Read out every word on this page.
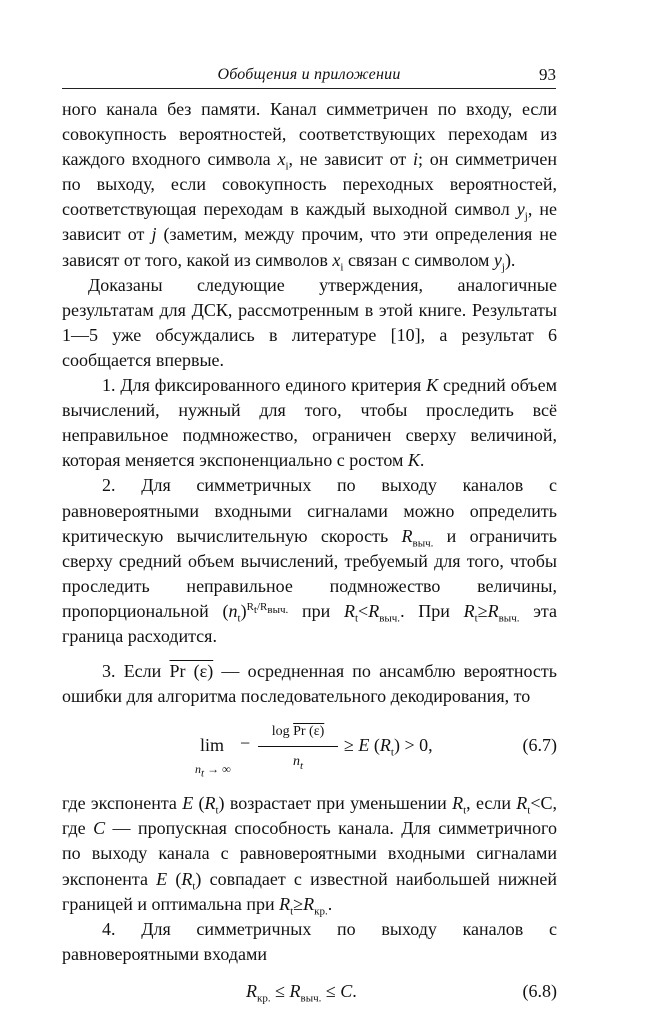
Обобщения и приложении	93

ного канала без памяти. Канал симметричен по входу, если совокупность вероятностей, соответствующих переходам из каждого входного символа $x_i$, не зависит от i; он симметричен по выходу, если совокупность переходных вероятностей, соответствующая переходам в каждый выходной символ $y_j$, не зависит от j (заметим, между прочим, что эти определения не зависят от того, какой из символов $x_i$ связан с символом $y_j$).

Доказаны следующие утверждения, аналогичные результатам для ДСК, рассмотренным в этой книге. Результаты 1—5 уже обсуждались в литературе [10], а результат 6 сообщается впервые.

1. Для фиксированного единого критерия K средний объем вычислений, нужный для того, чтобы проследить всё неправильное подмножество, ограничен сверху величиной, которая меняется экспоненциально с ростом K.

2. Для симметричных по выходу каналов с равновероятными входными сигналами можно определить критическую вычислительную скорость $R_{выч.}$ и ограничить сверху средний объем вычислений, требуемый для того, чтобы проследить неправильное подмножество величины, пропорциональной $(n_t)^{R_t/R_{выч.}}$ при $R_t<R_{выч.}$. При $R_t\ge R_{выч.}$ эта граница расходится.

3. Если Pr (ε) — осредненная по ансамблю вероятность ошибки для алгоритма последовательного декодирования, то

lim
$n_t$ → ∞
− $\frac{\text{log Pr (ε)}}{n_t} \ge E$ $(R_t) > 0$,	(6.7)

где экспонента E $(R_t)$ возрастает при уменьшении $R_t$, если $R_t<C$, где C — пропускная способность канала. Для симметричного по выходу канала с равновероятными входными сигналами экспонента E $(R_t)$ совпадает с известной наибольшей нижней границей и оптимальна при $R_t\ge R_{кр.}$.

4. Для симметричных по выходу каналов с равновероятными входами

$R_{кр.} \le R_{выч.} \le C$.	(6.8)
